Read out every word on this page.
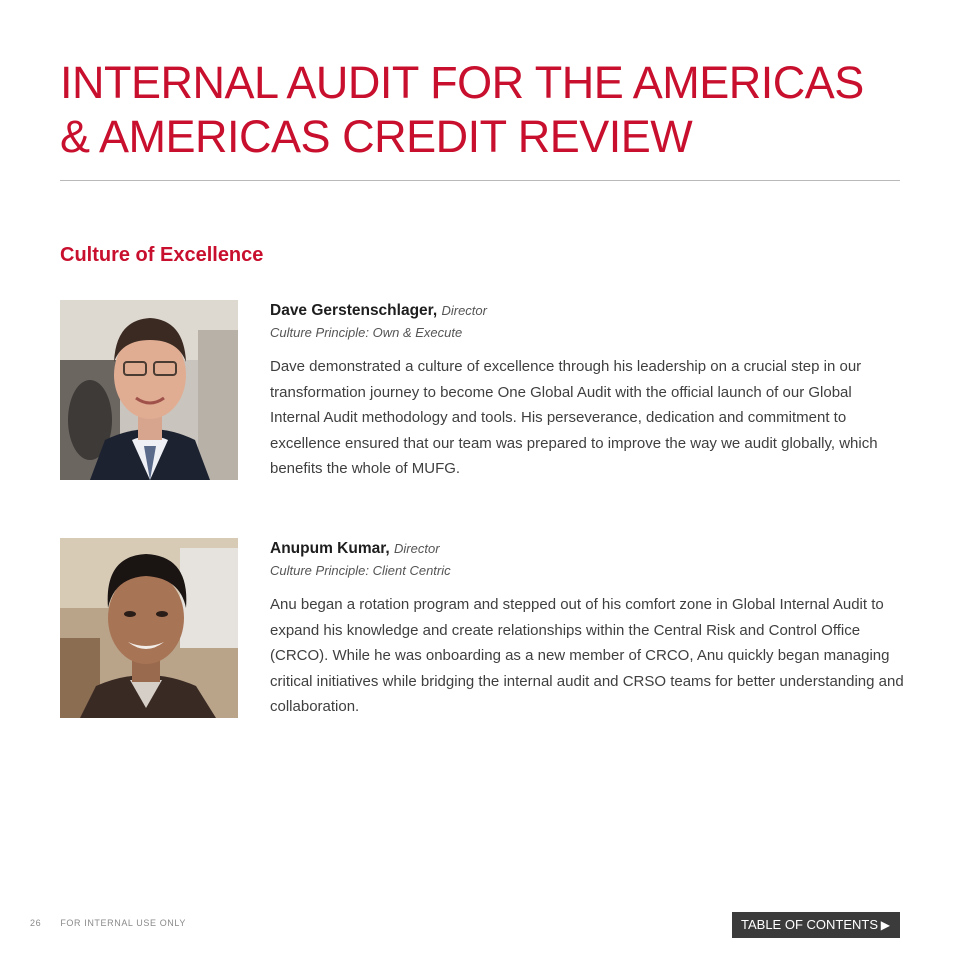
INTERNAL AUDIT FOR THE AMERICAS
& AMERICAS CREDIT REVIEW
Culture of Excellence

Dave Gerstenschlager, Director

Culture Principle: Own & Execute

Dave demonstrated a culture of excellence through his leadership on a crucial step in our transformation journey to become One Global Audit with the official launch of our Global Internal Audit methodology and tools. His perseverance, dedication and commitment to excellence ensured that our team was prepared to improve the way we audit globally, which benefits the whole of MUFG.

Anupum Kumar, Director

Culture Principle: Client Centric

Anu began a rotation program and stepped out of his comfort zone in Global Internal Audit to expand his knowledge and create relationships within the Central Risk and Control Office (CRCO). While he was onboarding as a new member of CRCO, Anu quickly began managing critical initiatives while bridging the internal audit and CRSO teams for better understanding and collaboration.

26 FOR INTERNAL USE ONLY	TABLE OF CONTENTS ▶
